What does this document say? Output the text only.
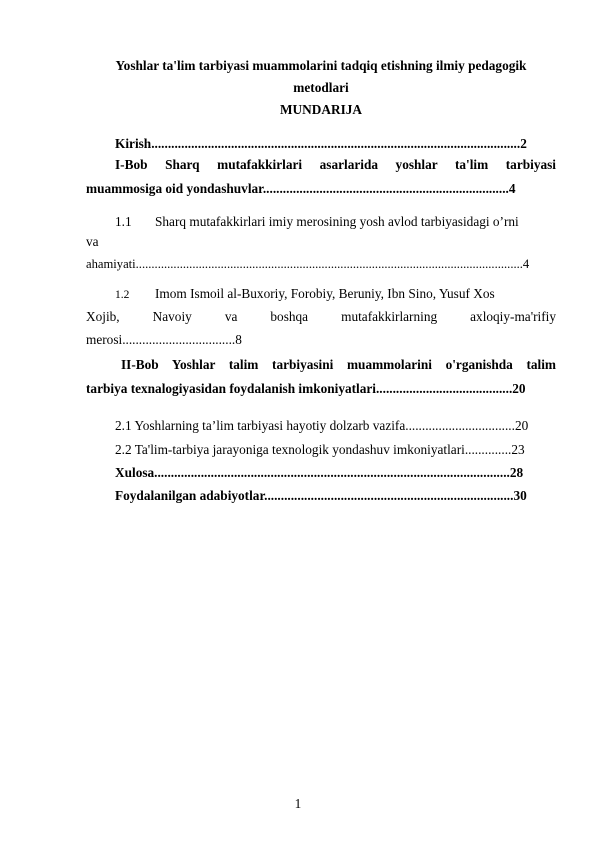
Yoshlar ta'lim tarbiyasi muammolarini tadqiq etishning ilmiy pedagogik
metodlari
MUNDARIJA
Kirish...............................................................................................................2
I-Bob Sharq mutafakkirlari asarlarida yoshlar ta'lim tarbiyasi
muammosiga oid yondashuvlar..........................................................................4
1.1 Sharq mutafakkirlari imiy merosining yosh avlod tarbiyasidagi o’rni
va
ahamiyati...........................................................................................................................4
1.2 Imom Ismoil al-Buxoriy, Forobiy, Beruniy, Ibn Sino, Yusuf Xos
Xojib, Navoiy va boshqa mutafakkirlarning axloqiy-ma'rifiy
merosi..................................8
II-Bob Yoshlar talim tarbiyasini muammolarini o'rganishda talim
tarbiya texnalogiyasidan foydalanish imkoniyatlari.........................................20
2.1 Yoshlarning ta’lim tarbiyasi hayotiy dolzarb vazifa.................................20
2.2 Ta'lim-tarbiya jarayoniga texnologik yondashuv imkoniyatlari..............23
Xulosa...........................................................................................................28
Foydalanilgan adabiyotlar...........................................................................30
1
